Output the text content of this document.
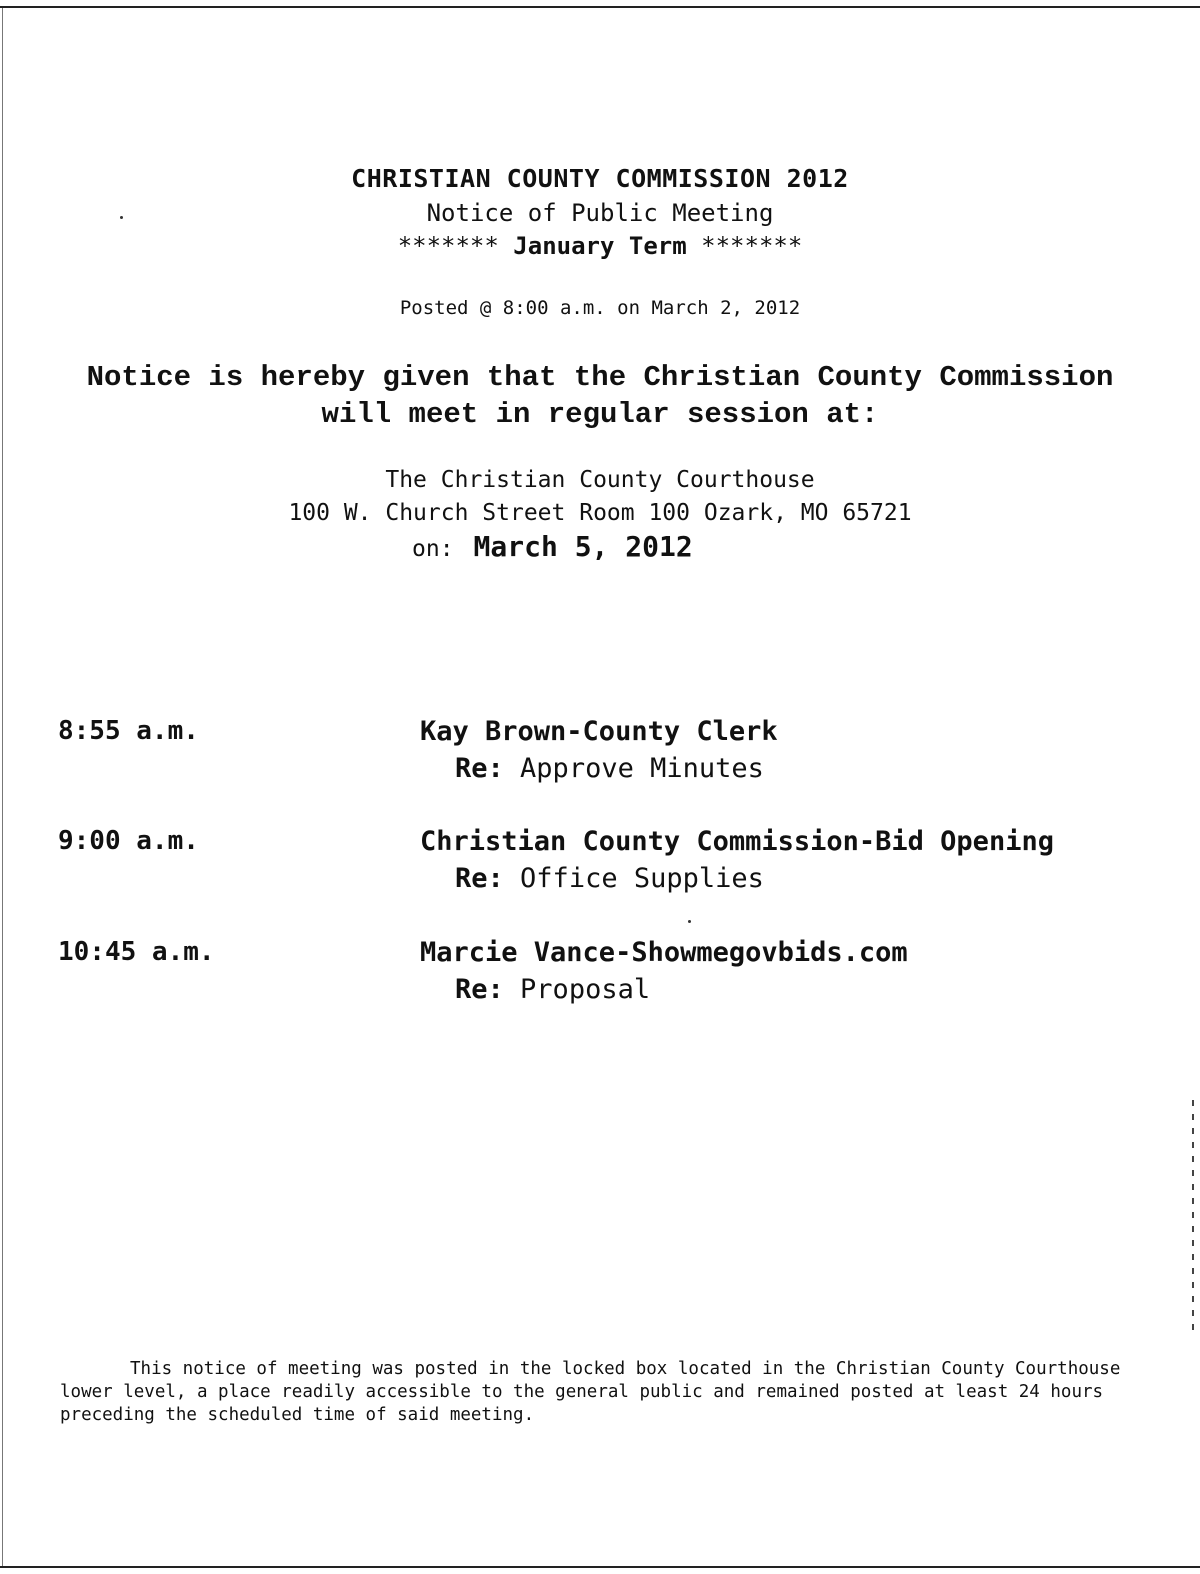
CHRISTIAN COUNTY COMMISSION 2012
Notice of Public Meeting
******* January Term *******
Posted @ 8:00 a.m. on March 2, 2012
Notice is hereby given that the Christian County Commission
will meet in regular session at:
The Christian County Courthouse
100 W. Church Street Room 100 Ozark, MO 65721
on: March 5, 2012
8:55 a.m.	Kay Brown-County Clerk
Re: Approve Minutes
9:00 a.m.	Christian County Commission-Bid Opening
Re: Office Supplies
10:45 a.m.	Marcie Vance-Showmegovbids.com
Re: Proposal
This notice of meeting was posted in the locked box located in the Christian County Courthouse lower level, a place readily accessible to the general public and remained posted at least 24 hours preceding the scheduled time of said meeting.
